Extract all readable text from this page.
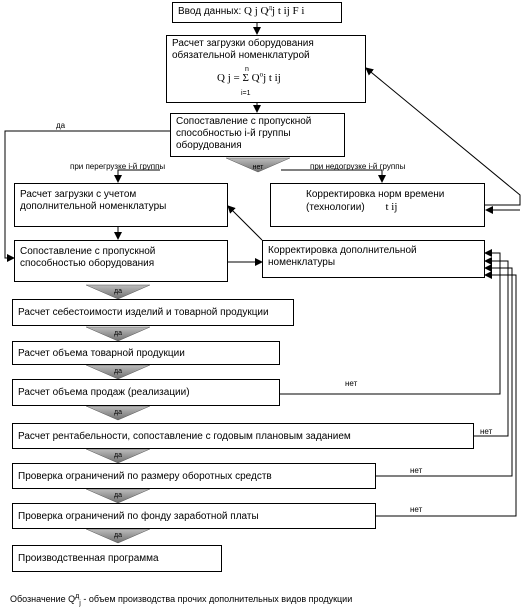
да
да
да
да
да
да
да
нет
Ввод данных: Q j $Q^дj$ t ij F i
Расчет загрузки оборудования
обязательной номенклатурой
Q j = Σ $Q^оj$ t ij
n
i=1
Сопоставление с пропускной
способностью i-й группы
оборудования
да
при перегрузке i-й группы	при недогрузке i-й группы
Расчет загрузки с учетом
дополнительной номенклатуры
Корректировка норм времени
(технологии) t ij
Сопоставление с пропускной
способностью оборудования
Корректировка дополнительной
номенклатуры
Расчет себестоимости изделий и товарной продукции
Расчет объема товарной продукции
Расчет объема продаж (реализации)
нет
Расчет рентабельности, сопоставление с годовым плановым заданием	нет
Проверка ограничений по размеру оборотных средств
нет
Проверка ограничений по фонду заработной платы
нет
Производственная программа
Обозначение $Q^д_j$ - объем производства прочих дополнительных видов продукции
